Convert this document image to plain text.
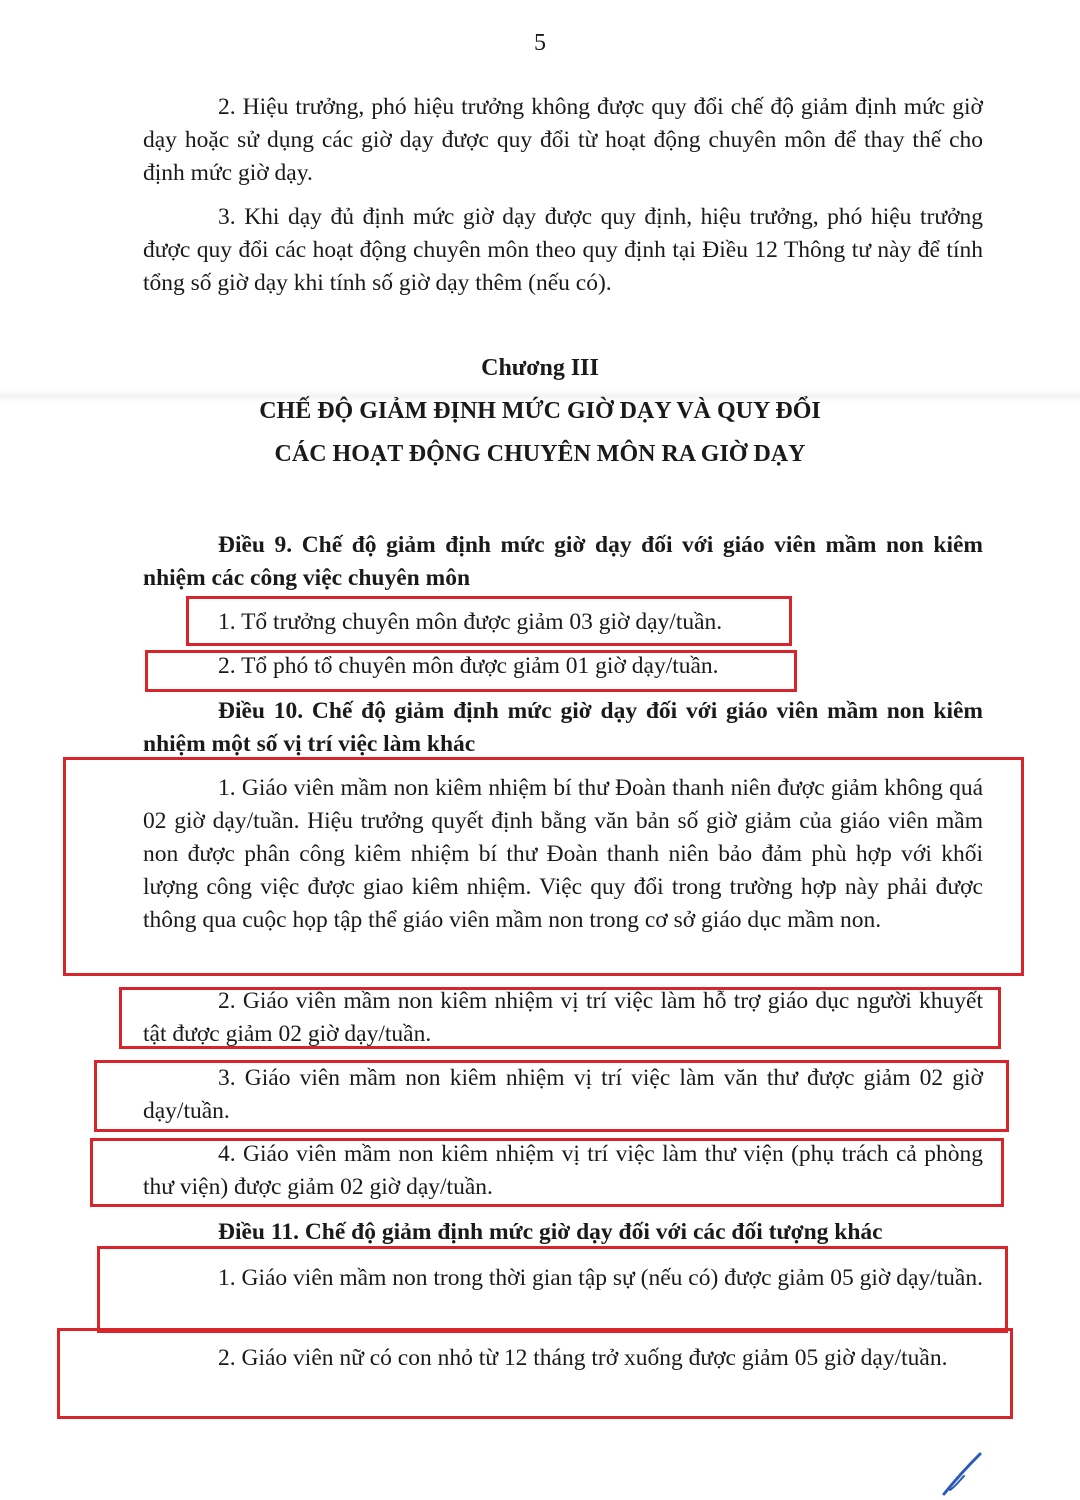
5

2. Hiệu trưởng, phó hiệu trưởng không được quy đổi chế độ giảm định mức giờ dạy hoặc sử dụng các giờ dạy được quy đổi từ hoạt động chuyên môn để thay thế cho định mức giờ dạy.

3. Khi dạy đủ định mức giờ dạy được quy định, hiệu trưởng, phó hiệu trưởng được quy đổi các hoạt động chuyên môn theo quy định tại Điều 12 Thông tư này để tính tổng số giờ dạy khi tính số giờ dạy thêm (nếu có).

Chương III
CHẾ ĐỘ GIẢM ĐỊNH MỨC GIỜ DẠY VÀ QUY ĐỔI
CÁC HOẠT ĐỘNG CHUYÊN MÔN RA GIỜ DẠY

Điều 9. Chế độ giảm định mức giờ dạy đối với giáo viên mầm non kiêm nhiệm các công việc chuyên môn

1. Tổ trưởng chuyên môn được giảm 03 giờ dạy/tuần.

2. Tổ phó tổ chuyên môn được giảm 01 giờ dạy/tuần.

Điều 10. Chế độ giảm định mức giờ dạy đối với giáo viên mầm non kiêm nhiệm một số vị trí việc làm khác

1. Giáo viên mầm non kiêm nhiệm bí thư Đoàn thanh niên được giảm không quá 02 giờ dạy/tuần. Hiệu trưởng quyết định bằng văn bản số giờ giảm của giáo viên mầm non được phân công kiêm nhiệm bí thư Đoàn thanh niên bảo đảm phù hợp với khối lượng công việc được giao kiêm nhiệm. Việc quy đổi trong trường hợp này phải được thông qua cuộc họp tập thể giáo viên mầm non trong cơ sở giáo dục mầm non.

2. Giáo viên mầm non kiêm nhiệm vị trí việc làm hỗ trợ giáo dục người khuyết tật được giảm 02 giờ dạy/tuần.

3. Giáo viên mầm non kiêm nhiệm vị trí việc làm văn thư được giảm 02 giờ dạy/tuần.

4. Giáo viên mầm non kiêm nhiệm vị trí việc làm thư viện (phụ trách cả phòng thư viện) được giảm 02 giờ dạy/tuần.

Điều 11. Chế độ giảm định mức giờ dạy đối với các đối tượng khác

1. Giáo viên mầm non trong thời gian tập sự (nếu có) được giảm 05 giờ dạy/tuần.

2. Giáo viên nữ có con nhỏ từ 12 tháng trở xuống được giảm 05 giờ dạy/tuần.
